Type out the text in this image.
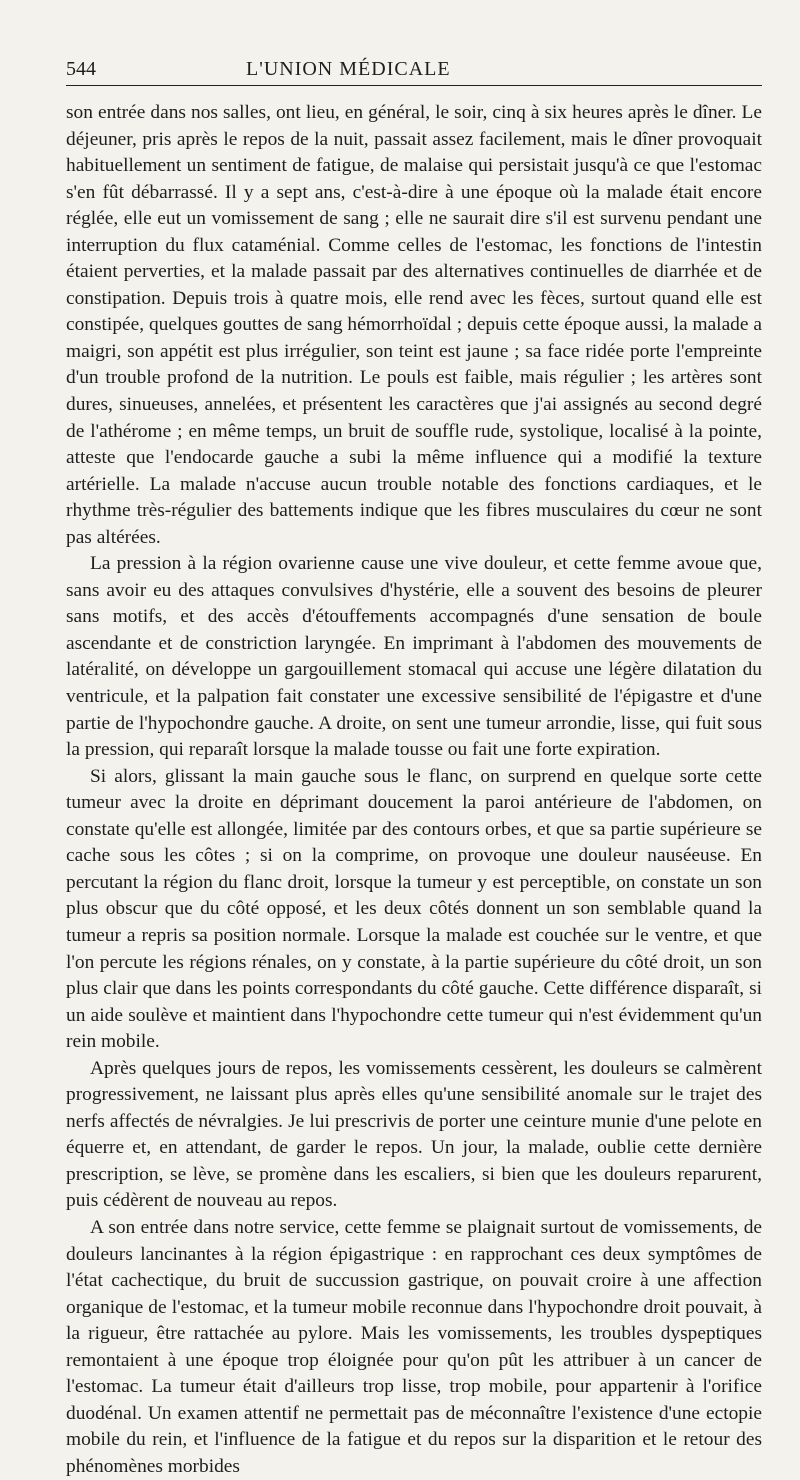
544	L'UNION MÉDICALE

son entrée dans nos salles, ont lieu, en général, le soir, cinq à six heures après le dîner. Le déjeuner, pris après le repos de la nuit, passait assez facilement, mais le dîner provoquait habituellement un sentiment de fatigue, de malaise qui persistait jusqu'à ce que l'estomac s'en fût débarrassé. Il y a sept ans, c'est-à-dire à une époque où la malade était encore réglée, elle eut un vomissement de sang ; elle ne saurait dire s'il est survenu pendant une interruption du flux cataménial. Comme celles de l'estomac, les fonctions de l'intestin étaient perverties, et la malade passait par des alternatives continuelles de diarrhée et de constipation. Depuis trois à quatre mois, elle rend avec les fèces, surtout quand elle est constipée, quelques gouttes de sang hémorrhoïdal ; depuis cette époque aussi, la malade a maigri, son appétit est plus irrégulier, son teint est jaune ; sa face ridée porte l'empreinte d'un trouble profond de la nutrition. Le pouls est faible, mais régulier ; les artères sont dures, sinueuses, annelées, et présentent les caractères que j'ai assignés au second degré de l'athérome ; en même temps, un bruit de souffle rude, systolique, localisé à la pointe, atteste que l'endocarde gauche a subi la même influence qui a modifié la texture artérielle. La malade n'accuse aucun trouble notable des fonctions cardiaques, et le rhythme très-régulier des battements indique que les fibres musculaires du cœur ne sont pas altérées.

La pression à la région ovarienne cause une vive douleur, et cette femme avoue que, sans avoir eu des attaques convulsives d'hystérie, elle a souvent des besoins de pleurer sans motifs, et des accès d'étouffements accompagnés d'une sensation de boule ascendante et de constriction laryngée. En imprimant à l'abdomen des mouvements de latéralité, on développe un gargouillement stomacal qui accuse une légère dilatation du ventricule, et la palpation fait constater une excessive sensibilité de l'épigastre et d'une partie de l'hypochondre gauche. A droite, on sent une tumeur arrondie, lisse, qui fuit sous la pression, qui reparaît lorsque la malade tousse ou fait une forte expiration.

Si alors, glissant la main gauche sous le flanc, on surprend en quelque sorte cette tumeur avec la droite en déprimant doucement la paroi antérieure de l'abdomen, on constate qu'elle est allongée, limitée par des contours orbes, et que sa partie supérieure se cache sous les côtes ; si on la comprime, on provoque une douleur nauséeuse. En percutant la région du flanc droit, lorsque la tumeur y est perceptible, on constate un son plus obscur que du côté opposé, et les deux côtés donnent un son semblable quand la tumeur a repris sa position normale. Lorsque la malade est couchée sur le ventre, et que l'on percute les régions rénales, on y constate, à la partie supérieure du côté droit, un son plus clair que dans les points correspondants du côté gauche. Cette différence disparaît, si un aide soulève et maintient dans l'hypochondre cette tumeur qui n'est évidemment qu'un rein mobile.

Après quelques jours de repos, les vomissements cessèrent, les douleurs se calmèrent progressivement, ne laissant plus après elles qu'une sensibilité anomale sur le trajet des nerfs affectés de névralgies. Je lui prescrivis de porter une ceinture munie d'une pelote en équerre et, en attendant, de garder le repos. Un jour, la malade, oublie cette dernière prescription, se lève, se promène dans les escaliers, si bien que les douleurs reparurent, puis cédèrent de nouveau au repos.

A son entrée dans notre service, cette femme se plaignait surtout de vomissements, de douleurs lancinantes à la région épigastrique : en rapprochant ces deux symptômes de l'état cachectique, du bruit de succussion gastrique, on pouvait croire à une affection organique de l'estomac, et la tumeur mobile reconnue dans l'hypochondre droit pouvait, à la rigueur, être rattachée au pylore. Mais les vomissements, les troubles dyspeptiques remontaient à une époque trop éloignée pour qu'on pût les attribuer à un cancer de l'estomac. La tumeur était d'ailleurs trop lisse, trop mobile, pour appartenir à l'orifice duodénal. Un examen attentif ne permettait pas de méconnaître l'existence d'une ectopie mobile du rein, et l'influence de la fatigue et du repos sur la disparition et le retour des phénomènes morbides
